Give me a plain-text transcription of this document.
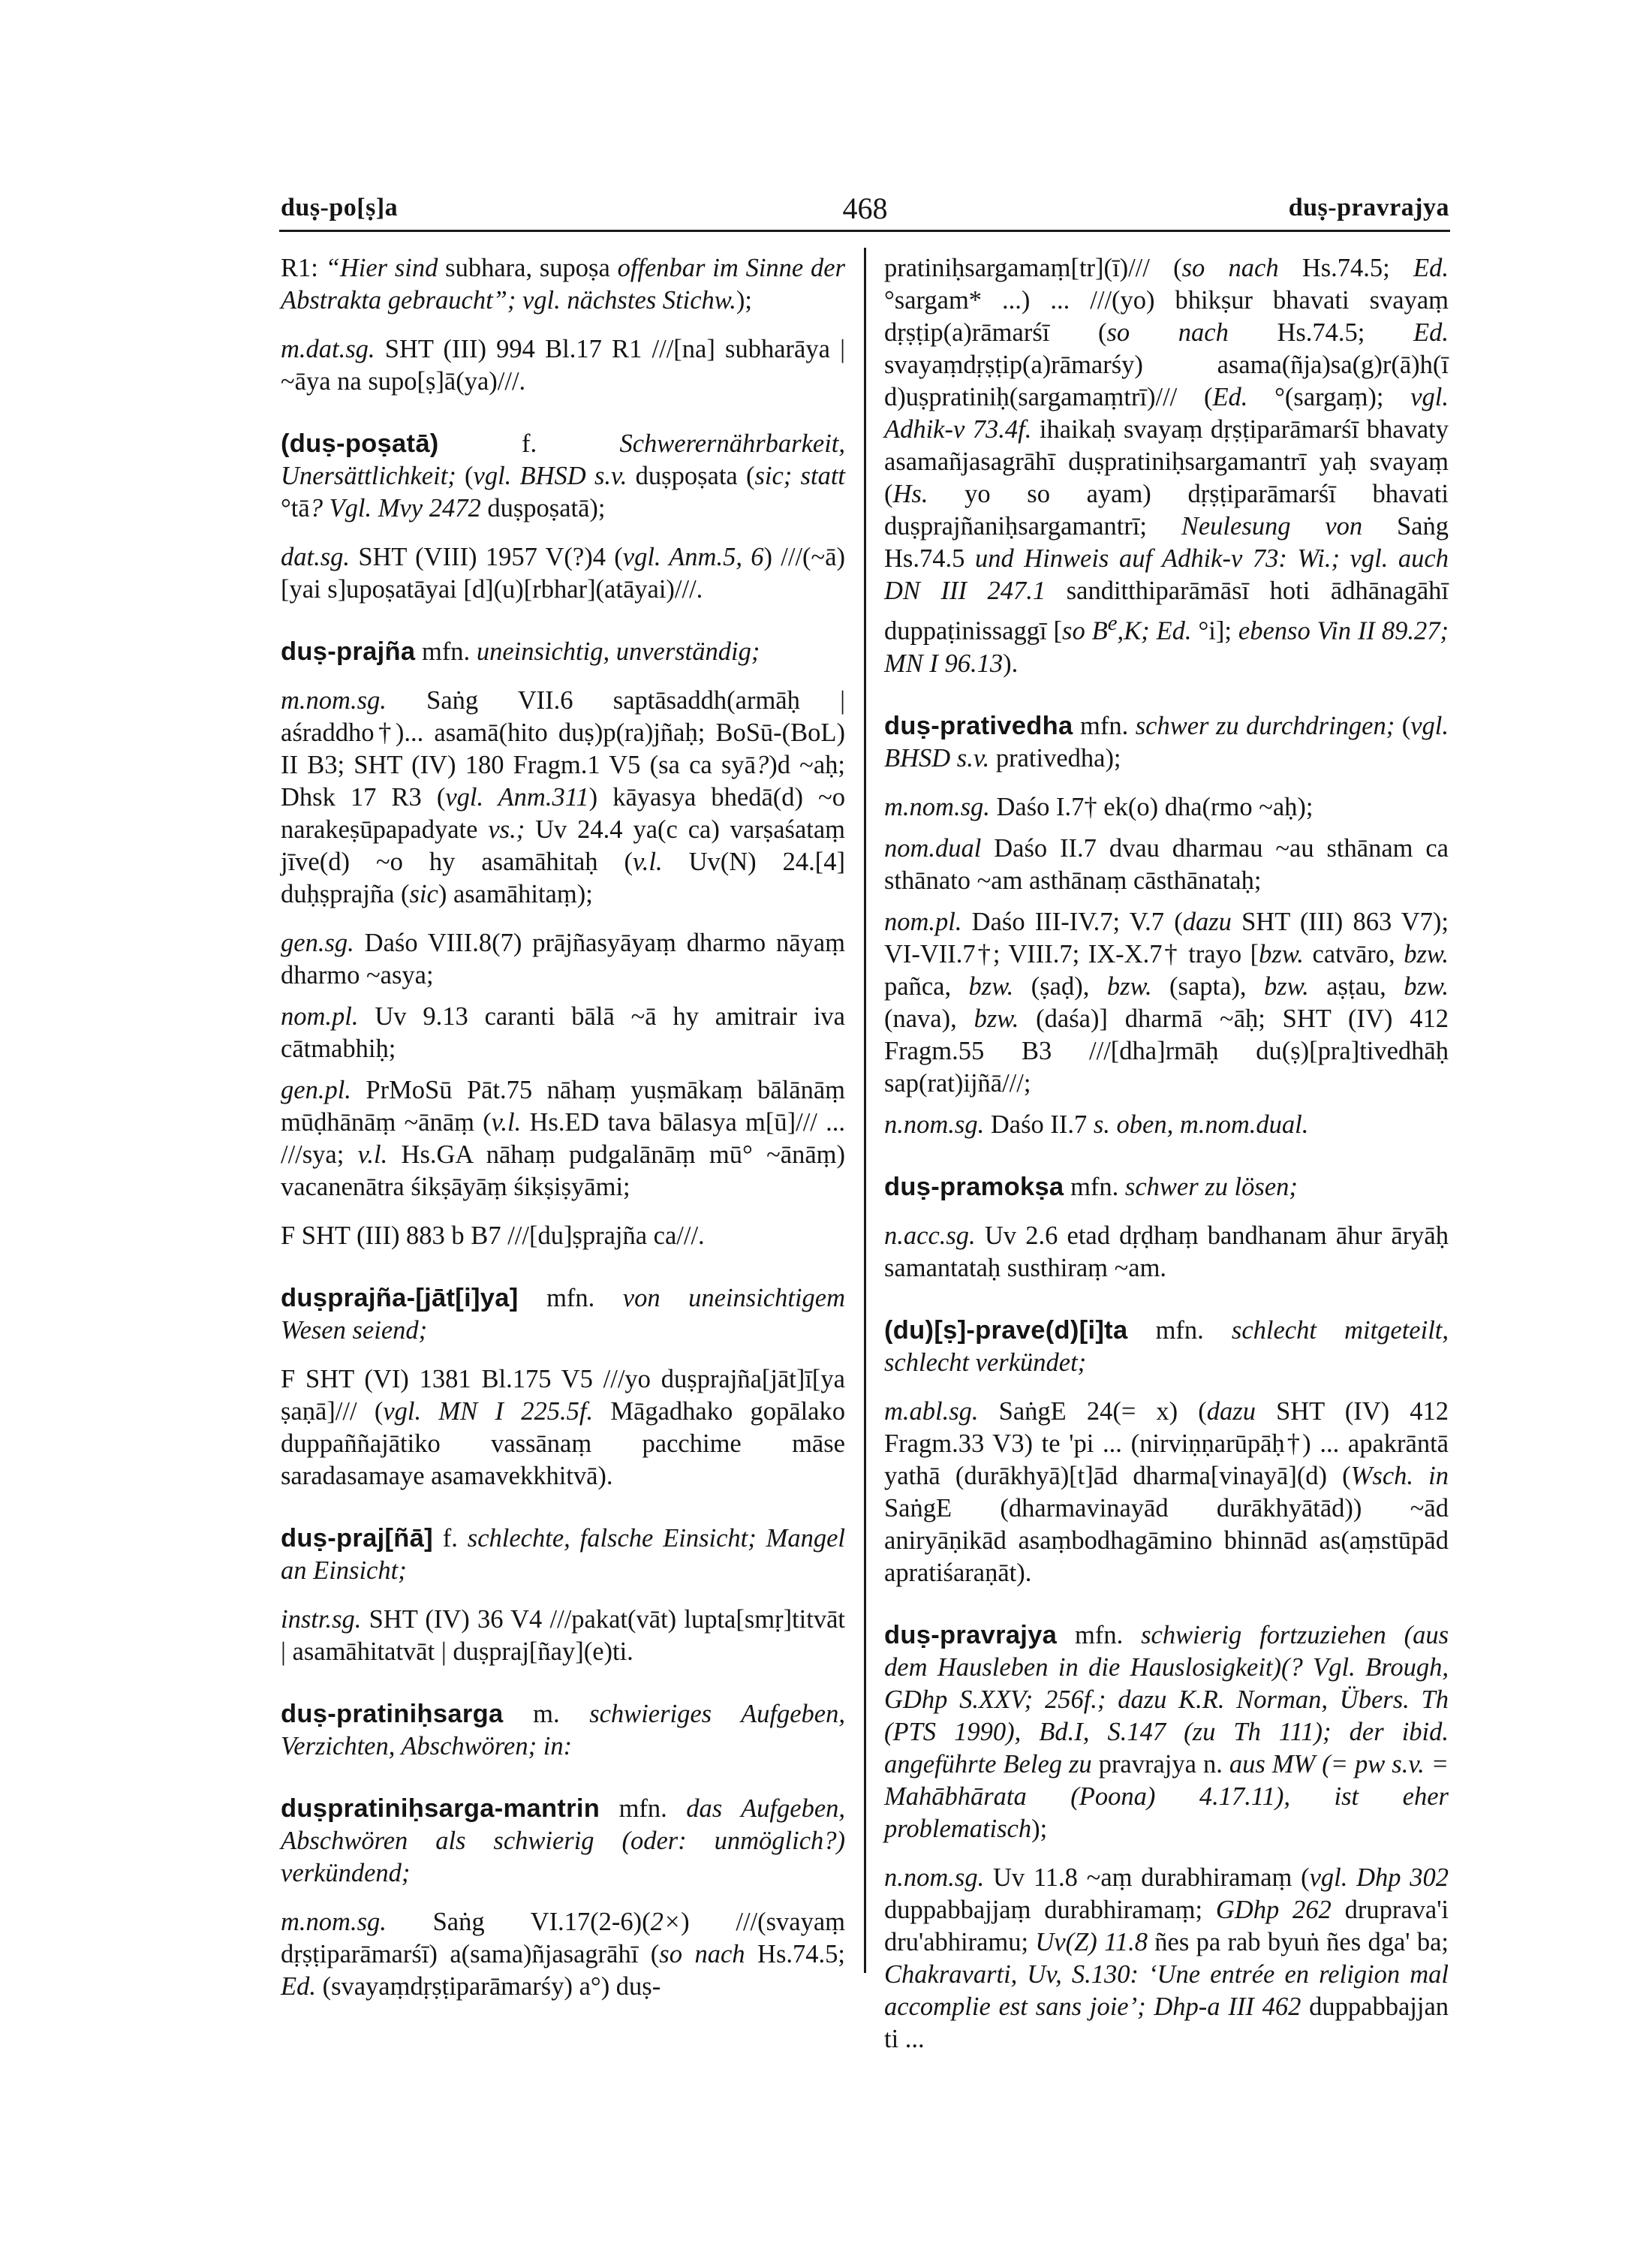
duṣ-po[ṣ]a	468	duṣ-pravrajya

R1: “Hier sind subhara, supoṣa offenbar im Sinne der Abstrakta gebraucht”; vgl. nächstes Stichw.);

m.dat.sg. SHT (III) 994 Bl.17 R1 ///[na] subharāya | ~āya na supo[ṣ]ā(ya)///.

(duṣ-poṣatā) f. Schwerernährbarkeit, Unersättlichkeit; (vgl. BHSD s.v. duṣpoṣata (sic; statt °tā? Vgl. Mvy 2472 duṣpoṣatā);

dat.sg. SHT (VIII) 1957 V(?)4 (vgl. Anm.5, 6) ///(~ā)[yai s]upoṣatāyai [d](u)[rbhar](atāyai)///.

duṣ-prajña mfn. uneinsichtig, unverständig;

m.nom.sg. Saṅg VII.6 saptāsaddh(armāḥ | aśraddho†)... asamā(hito duṣ)p(ra)jñaḥ; BoSū-(BoL) II B3; SHT (IV) 180 Fragm.1 V5 (sa ca syā?)d ~aḥ; Dhsk 17 R3 (vgl. Anm.311) kāyasya bhedā(d) ~o narakeṣūpapadyate vs.; Uv 24.4 ya(c ca) varṣaśataṃ jīve(d) ~o hy asamāhitaḥ (v.l. Uv(N) 24.[4] duḥṣprajña (sic) asamāhitaṃ);

gen.sg. Daśo VIII.8(7) prājñasyāyaṃ dharmo nāyaṃ dharmo ~asya;

nom.pl. Uv 9.13 caranti bālā ~ā hy amitrair iva cātmabhiḥ;

gen.pl. PrMoSū Pāt.75 nāhaṃ yuṣmākaṃ bālānāṃ mūḍhānāṃ ~ānāṃ (v.l. Hs.ED tava bālasya m[ū]/// ... ///sya; v.l. Hs.GA nāhaṃ pudgalānāṃ mū° ~ānāṃ) vacanenātra śikṣāyāṃ śikṣiṣyāmi;

F SHT (III) 883 b B7 ///[du]ṣprajña ca///.

duṣprajña-[jāt[i]ya] mfn. von uneinsichtigem Wesen seiend;

F SHT (VI) 1381 Bl.175 V5 ///yo duṣprajña[jāt]ī[ya ṣaṇā]/// (vgl. MN I 225.5f. Māgadhako gopālako duppaññajātiko vassānaṃ pacchime māse saradasamaye asamavekkhitvā).

duṣ-praj[ñā] f. schlechte, falsche Einsicht; Mangel an Einsicht;

instr.sg. SHT (IV) 36 V4 ///pakat(vāt) lupta[smṛ]titvāt | asamāhitatvāt | duṣpraj[ñay](e)ti.

duṣ-pratiniḥsarga m. schwieriges Aufgeben, Verzichten, Abschwören; in:

duṣpratiniḥsarga-mantrin mfn. das Aufgeben, Abschwören als schwierig (oder: unmöglich?) verkündend;

m.nom.sg. Saṅg VI.17(2-6)(2×) ///(svayaṃ dṛṣṭiparāmarśī) a(sama)ñjasagrāhī (so nach Hs.74.5; Ed. (svayaṃdṛṣṭiparāmarśy) a°) duṣ-

pratiniḥsargamaṃ[tr](ī)/// (so nach Hs.74.5; Ed. °sargam* ...) ... ///(yo) bhikṣur bhavati svayaṃ dṛṣṭip(a)rāmarśī (so nach Hs.74.5; Ed. svayaṃdṛṣṭip(a)rāmarśy) asama(ñja)sa(g)r(ā)h(ī d)uṣpratiniḥ(sargamaṃtrī)/// (Ed. °(sargaṃ); vgl. Adhik-v 73.4f. ihaikaḥ svayaṃ dṛṣṭiparāmarśī bhavaty asamañjasagrāhī duṣpratiniḥsargamantrī yaḥ svayaṃ (Hs. yo so ayam) dṛṣṭiparāmarśī bhavati duṣprajñaniḥsargamantrī; Neulesung von Saṅg Hs.74.5 und Hinweis auf Adhik-v 73: Wi.; vgl. auch DN III 247.1 sanditthiparāmāsī hoti ādhānagāhī duppaṭinissaggī [so $B^e,K$; Ed. °i]; ebenso Vin II 89.27; MN I 96.13).

duṣ-prativedha mfn. schwer zu durchdringen; (vgl. BHSD s.v. prativedha);

m.nom.sg. Daśo I.7† ek(o) dha(rmo ~aḥ);

nom.dual Daśo II.7 dvau dharmau ~au sthānam ca sthānato ~am asthānaṃ cāsthānataḥ;

nom.pl. Daśo III-IV.7; V.7 (dazu SHT (III) 863 V7); VI-VII.7†; VIII.7; IX-X.7† trayo [bzw. catvāro, bzw. pañca, bzw. (ṣaḍ), bzw. (sapta), bzw. aṣṭau, bzw. (nava), bzw. (daśa)] dharmā ~āḥ; SHT (IV) 412 Fragm.55 B3 ///[dha]rmāḥ du(ṣ)[pra]tivedhāḥ sap(rat)ijñā///;

n.nom.sg. Daśo II.7 s. oben, m.nom.dual.

duṣ-pramokṣa mfn. schwer zu lösen;

n.acc.sg. Uv 2.6 etad dṛḍhaṃ bandhanam āhur āryāḥ samantataḥ susthiraṃ ~am.

(du)[ṣ]-prave(d)[i]ta mfn. schlecht mitgeteilt, schlecht verkündet;

m.abl.sg. SaṅgE 24(= x) (dazu SHT (IV) 412 Fragm.33 V3) te 'pi ... (nirviṇṇarūpāḥ†) ... apakrāntā yathā (durākhyā)[t]ād dharma[vinayā](d) (Wsch. in SaṅgE (dharmavinayād durākhyātād)) ~ād aniryāṇikād asaṃbodhagāmino bhinnād as(aṃstūpād apratiśaraṇāt).

duṣ-pravrajya mfn. schwierig fortzuziehen (aus dem Hausleben in die Hauslosigkeit)(? Vgl. Brough, GDhp S.XXV; 256f.; dazu K.R. Norman, Übers. Th (PTS 1990), Bd.I, S.147 (zu Th 111); der ibid. angeführte Beleg zu pravrajya n. aus MW (= pw s.v. = Mahābhārata (Poona) 4.17.11), ist eher problematisch);

n.nom.sg. Uv 11.8 ~aṃ durabhiramaṃ (vgl. Dhp 302 duppabbajjaṃ durabhiramaṃ; GDhp 262 druprava'i dru'abhiramu; Uv(Z) 11.8 ñes pa rab byuṅ ñes dga' ba; Chakravarti, Uv, S.130: ‘Une entrée en religion mal accomplie est sans joie’; Dhp-a III 462 duppabbajjan ti ...
